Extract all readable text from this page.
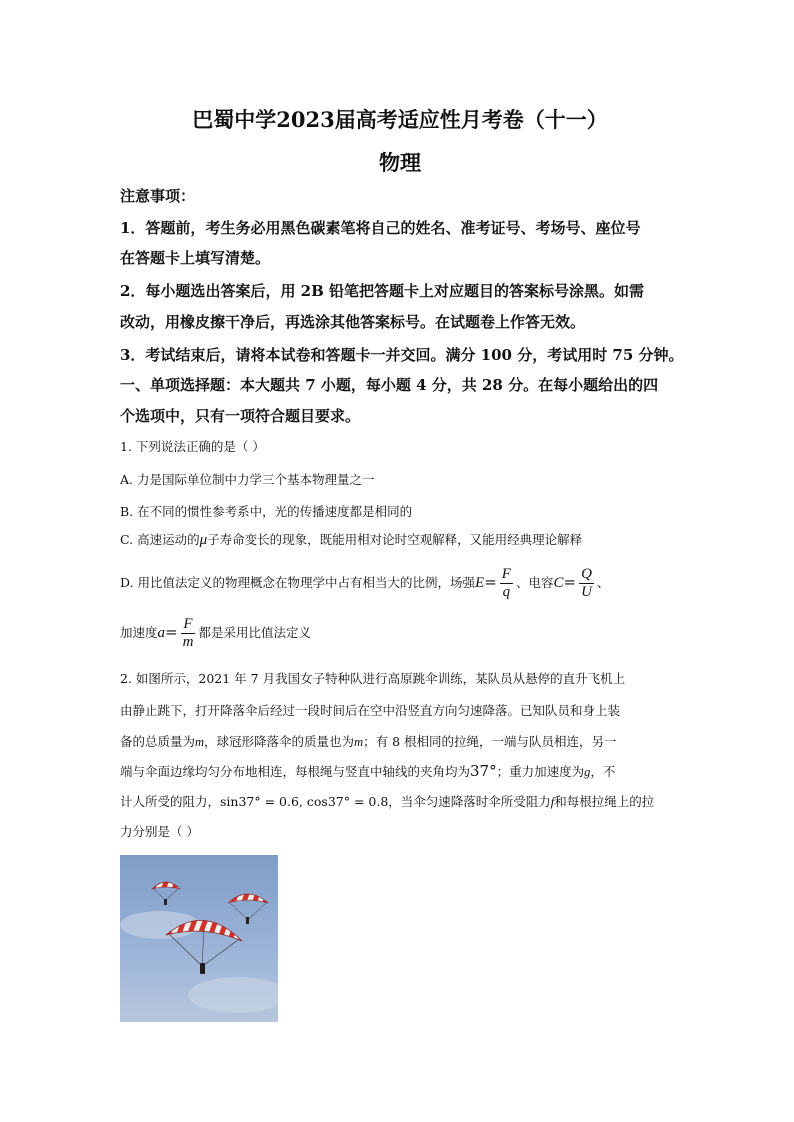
巴蜀中学2023届高考适应性月考卷（十一）
物理
注意事项：
1．答题前，考生务必用黑色碳素笔将自己的姓名、准考证号、考场号、座位号
在答题卡上填写清楚。
2．每小题选出答案后，用 2B 铅笔把答题卡上对应题目的答案标号涂黑。如需
改动，用橡皮擦干净后，再选涂其他答案标号。在试题卷上作答无效。
3．考试结束后，请将本试卷和答题卡一并交回。满分 100 分，考试用时 75 分钟。
一、单项选择题：本大题共 7 小题，每小题 4 分，共 28 分。在每小题给出的四
个选项中，只有一项符合题目要求。
1. 下列说法正确的是（ ）
A. 力是国际单位制中力学三个基本物理量之一
B. 在不同的惯性参考系中，光的传播速度都是相同的
C. 高速运动的μ子寿命变长的现象，既能用相对论时空观解释，又能用经典理论解释
D. 用比值法定义的物理概念在物理学中占有相当大的比例，场强$E= \frac{F}{q}$ 、电容$C= \frac{Q}{U}$ 、
加速度$a= \frac{F}{m}$ 都是采用比值法定义
2. 如图所示，2021 年 7 月我国女子特种队进行高原跳伞训练，某队员从悬停的直升飞机上
由静止跳下，打开降落伞后经过一段时间后在空中沿竖直方向匀速降落。已知队员和身上装
备的总质量为m，球冠形降落伞的质量也为m；有 8 根相同的拉绳，一端与队员相连，另一
端与伞面边缘均匀分布地相连，每根绳与竖直中轴线的夹角均为37°；重力加速度为g，不
计人所受的阻力，sin37° = 0.6, cos37° = 0.8，当伞匀速降落时伞所受阻力f和每根拉绳上的拉
力分别是（ ）
